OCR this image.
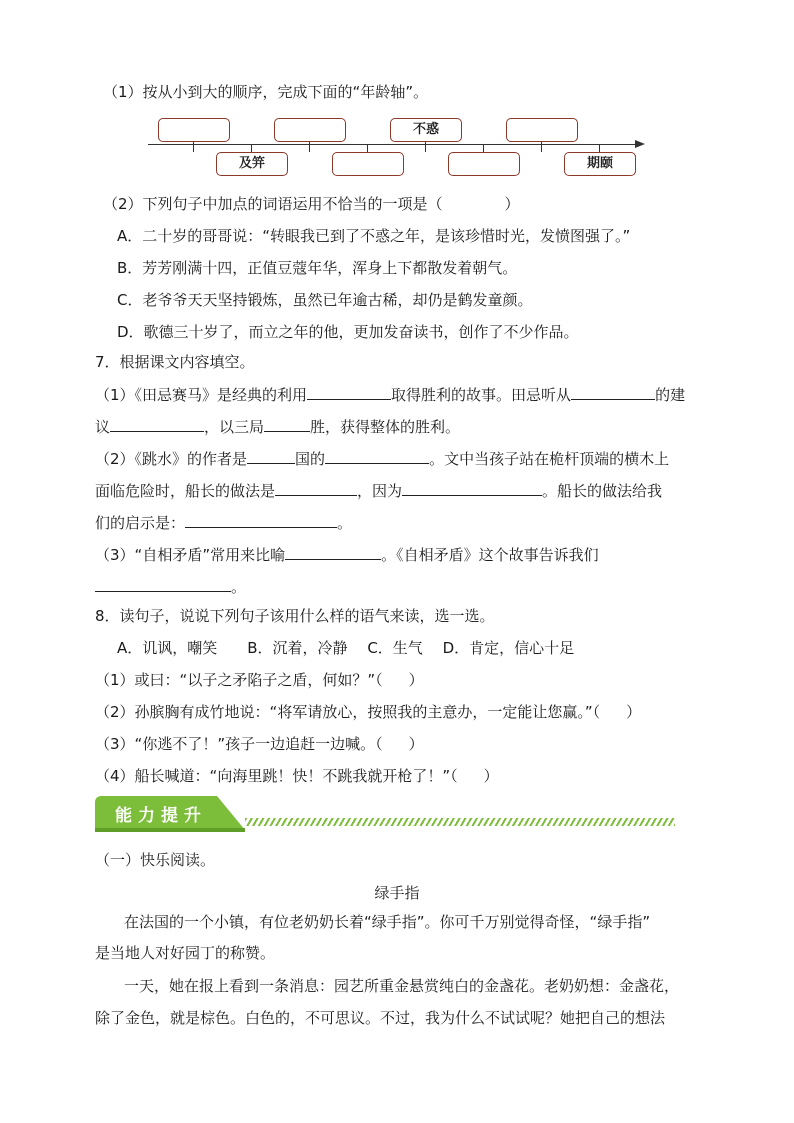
（1）按从小到大的顺序，完成下面的“年龄轴”。
不惑
及笄	期颐
（2）下列句子中加点的词语运用不恰当的一项是（	）
A．二十岁的哥哥说：“转眼我已到了不惑之年，是该珍惜时光，发愤图强了。”
B．芳芳刚满十四，正值豆蔻年华，浑身上下都散发着朝气。
C．老爷爷天天坚持锻炼，虽然已年逾古稀，却仍是鹤发童颜。
D．歌德三十岁了，而立之年的他，更加发奋读书，创作了不少作品。
7．根据课文内容填空。
（1）《田忌赛马》是经典的利用	取得胜利的故事。田忌听从	的建
议	，以三局	胜，获得整体的胜利。
（2）《跳水》的作者是	国的	。文中当孩子站在桅杆顶端的横木上
面临危险时，船长的做法是	，因为	。船长的做法给我
们的启示是：	。
（3）“自相矛盾”常用来比喻	。《自相矛盾》这个故事告诉我们
。
8．读句子，说说下列句子该用什么样的语气来读，选一选。
A．讥讽，嘲笑　　B．沉着，冷静　 C．生气　 D．肯定，信心十足
（1）或曰：“以子之矛陷子之盾，何如？”（ ）
（2）孙膑胸有成竹地说：“将军请放心，按照我的主意办，一定能让您赢。”（ ）
（3）“你逃不了！”孩子一边追赶一边喊。（ ）
（4）船长喊道：“向海里跳！快！不跳我就开枪了！”（ ）
能力提升
（一）快乐阅读。
绿手指
在法国的一个小镇，有位老奶奶长着“绿手指”。你可千万别觉得奇怪，“绿手指”
是当地人对好园丁的称赞。
一天，她在报上看到一条消息：园艺所重金悬赏纯白的金盏花。老奶奶想：金盏花，
除了金色，就是棕色。白色的，不可思议。不过，我为什么不试试呢？她把自己的想法
